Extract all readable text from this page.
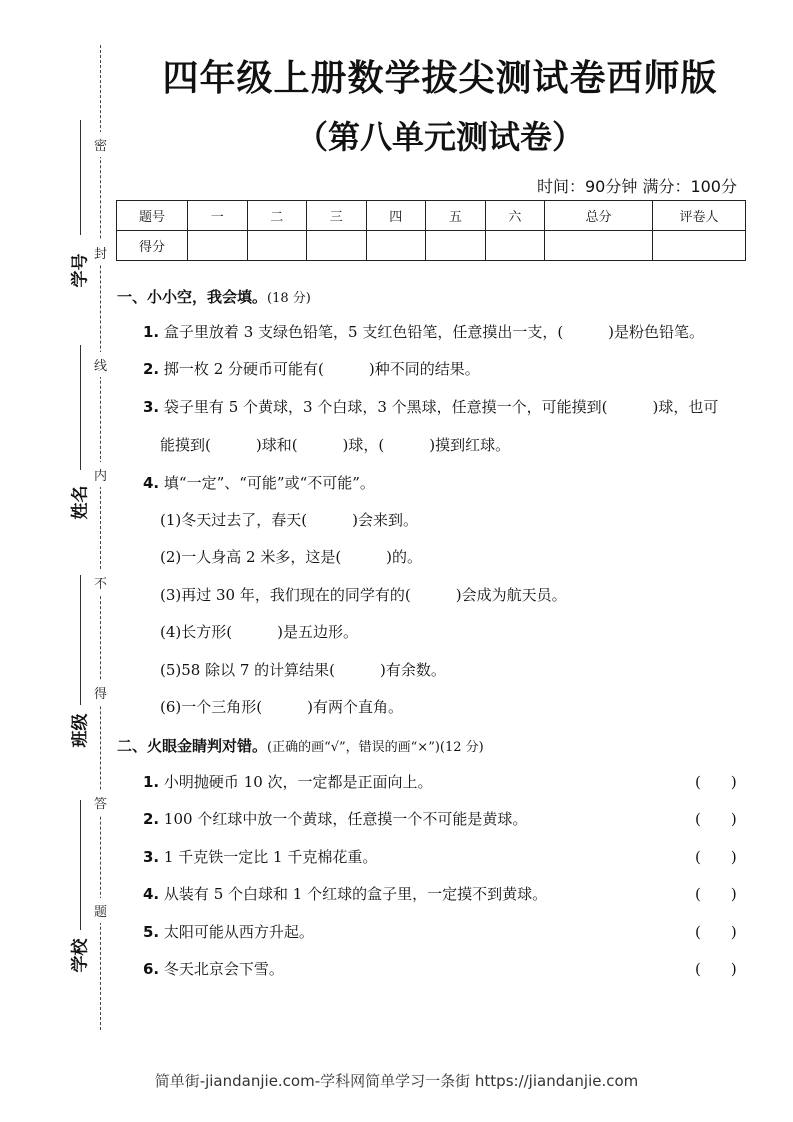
密
封
线
内
不
得
答
题
学号
姓名
班级
学校
四年级上册数学拔尖测试卷西师版
（第八单元测试卷）
时间：90分钟 满分：100分
题号	一	二	三	四	五	六	总分	评卷人
得分								
一、小小空，我会填。(18 分)
1. 盒子里放着 3 支绿色铅笔，5 支红色铅笔，任意摸出一支，(　　　)是粉色铅笔。
2. 掷一枚 2 分硬币可能有(　　　)种不同的结果。
3. 袋子里有 5 个黄球，3 个白球，3 个黑球，任意摸一个，可能摸到(　　　)球，也可
能摸到(　　　)球和(　　　)球，(　　　)摸到红球。
4. 填“一定”、“可能”或“不可能”。
(1)冬天过去了，春天(　　　)会来到。
(2)一人身高 2 米多，这是(　　　)的。
(3)再过 30 年，我们现在的同学有的(　　　)会成为航天员。
(4)长方形(　　　)是五边形。
(5)58 除以 7 的计算结果(　　　)有余数。
(6)一个三角形(　　　)有两个直角。
二、火眼金睛判对错。(正确的画“√”，错误的画“×”)(12 分)
1. 小明抛硬币 10 次，一定都是正面向上。	(　　)
2. 100 个红球中放一个黄球，任意摸一个不可能是黄球。	(　　)
3. 1 千克铁一定比 1 千克棉花重。	(　　)
4. 从装有 5 个白球和 1 个红球的盒子里，一定摸不到黄球。	(　　)
5. 太阳可能从西方升起。	(　　)
6. 冬天北京会下雪。	(　　)
简单街-jiandanjie.com-学科网简单学习一条街 https://jiandanjie.com
